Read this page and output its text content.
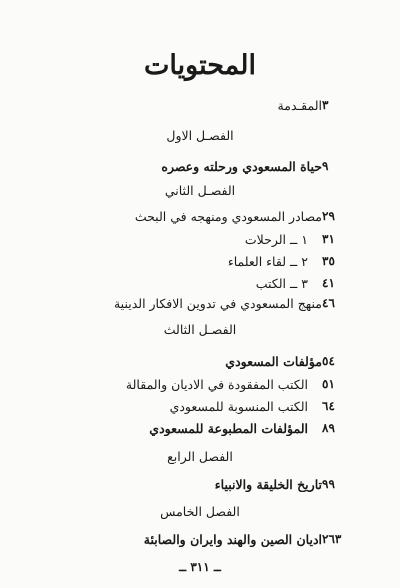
المحتويات
المقـدمة ٣
الفصـل الاول
حياة المسعودي ورحلته وعصره ٩
الفصـل الثاني
مصادر المسعودي ومنهجه في البحث ٢٩
١ ــ الرحلات	٣١
٢ ــ لقاء العلماء	٣٥
٣ ــ الكتب	٤١
منهج المسعودي في تدوين الافكار الدينية ٤٦
الفصـل الثالث
مؤلفات المسعودي ٥٤
الكتب المفقودة في الاديان والمقالة	٥١
الكتب المنسوبة للمسعودي	٦٤
المؤلفات المطبوعة للمسعودي	٨٩
الفصل الرابع
تاريخ الخليقة والانبياء ٩٩
الفصل الخامس
اديان الصين والهند وايران والصابئة ٢٦٣
ــ ٣١١ ــ
